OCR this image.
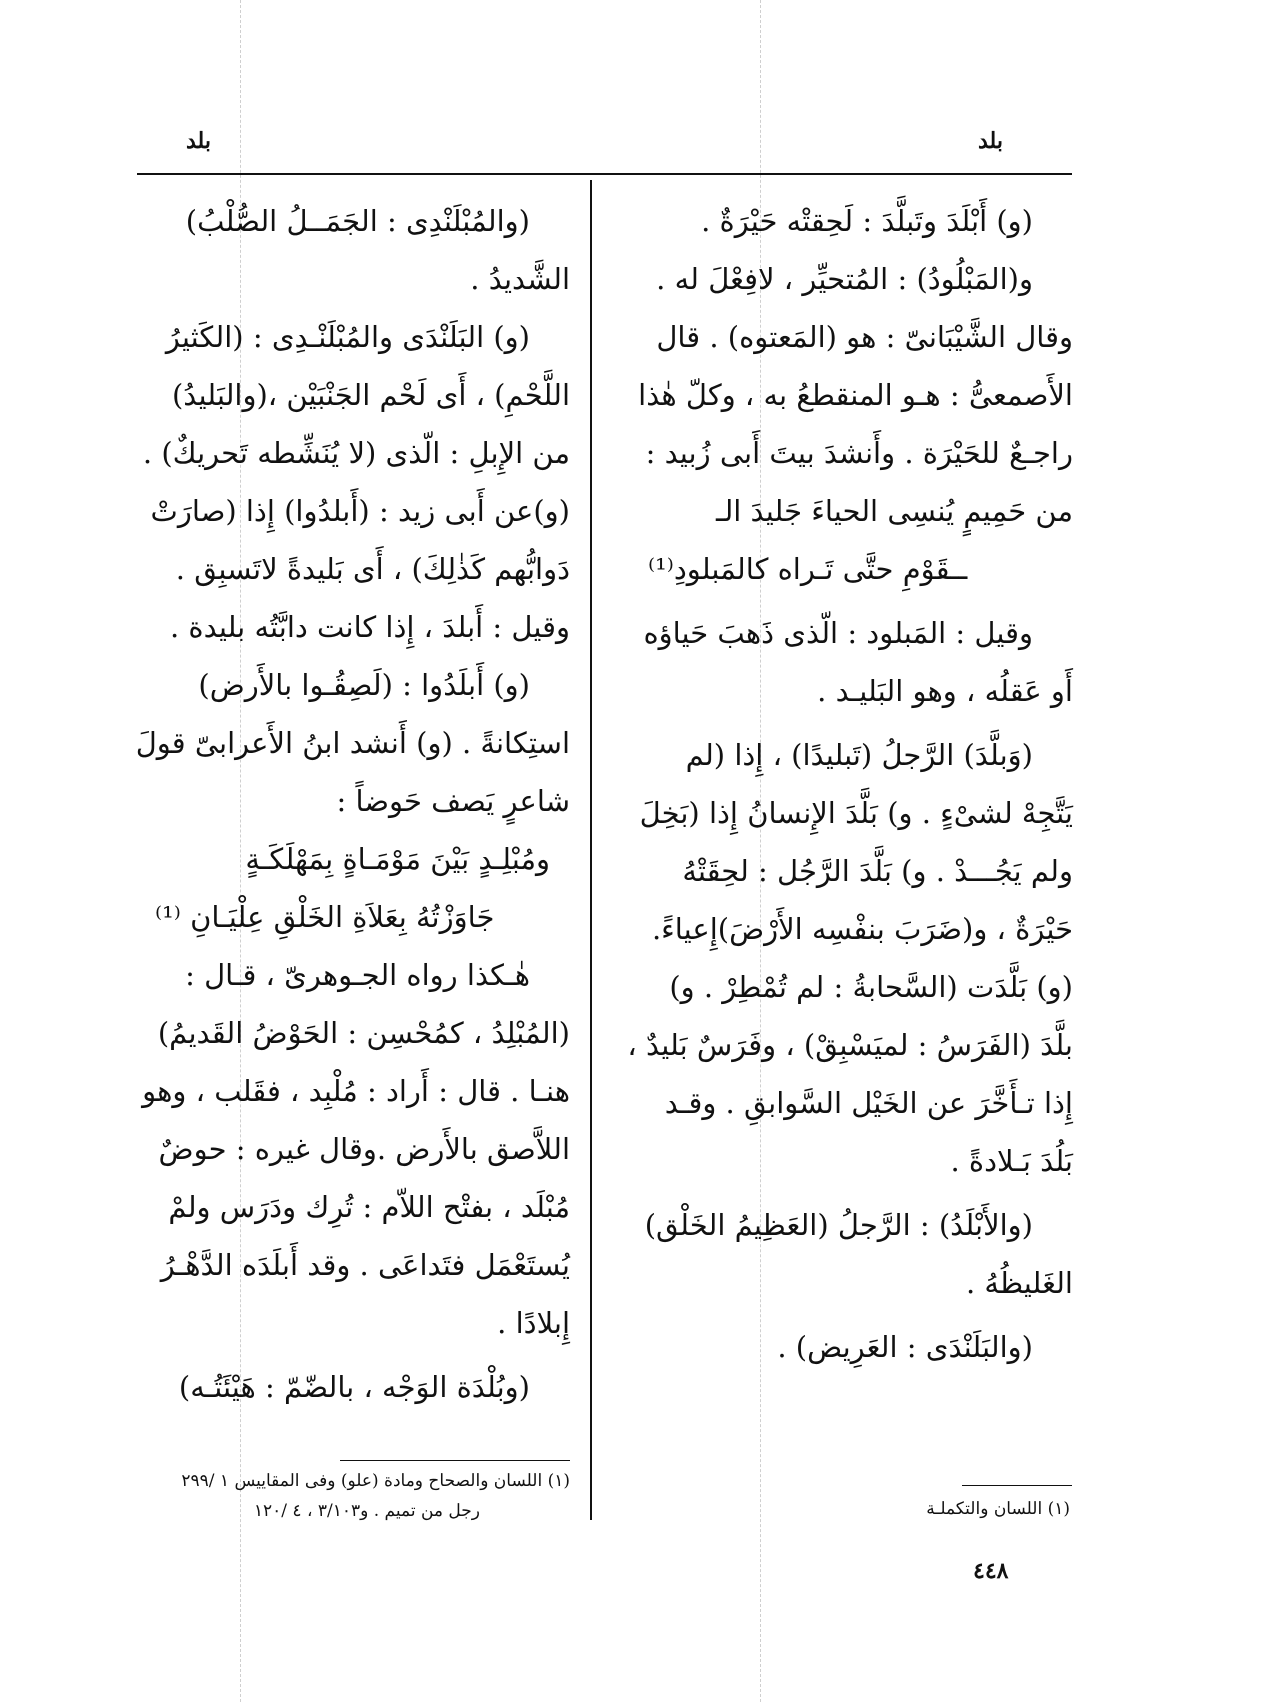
بلد	بلد
(و) أَبْلَدَ وتَبلَّدَ : لَحِقتْه حَيْرَةٌ .
و(المَبْلُودُ) : المُتحيِّر ، لافِعْلَ له .
وقال الشَّيْبَانىّ : هو (المَعتوه) . قال
الأَصمعىُّ : هـو المنقطعُ به ، وكلّ هٰذا
راجـعٌ للحَيْرَة . وأَنشدَ بيتَ أَبى زُبيد :
من حَمِيمٍ يُنسِى الحياءَ جَليدَ الـ
ــقَوْمِ حتَّى تَـراه كالمَبلودِ⁽¹⁾
وقيل : المَبلود : الّذى ذَهبَ حَياؤه
أَو عَقلُه ، وهو البَليـد .
(وَبلَّدَ) الرَّجلُ (تَبليدًا) ، إِذا (لم
يَتَّجِهْ لشىْءٍ . و) بَلَّدَ الإِنسانُ إِذا (بَخِلَ
ولم يَجُـــدْ . و) بَلَّدَ الرَّجُل : لحِقَتْهُ
حَيْرَةٌ ، و(ضَرَبَ بنفْسِه الأَرْضَ)إِعياءً.
(و) بَلَّدَت (السَّحابةُ : لم تُمْطِرْ . و)
بلَّدَ (الفَرَسُ : لميَسْبِقْ) ، وفَرَسٌ بَليدٌ ،
إِذا تـأَخَّرَ عن الخَيْل السَّوابقِ . وقـد
بَلُدَ بَـلادةً .
(والأَبْلَدُ) : الرَّجلُ (العَظِيمُ الخَلْق)
الغَليظُهُ .
(والبَلَنْدَى : العَرِيض) .
(١) اللسان والتكملـة
(والمُبْلَنْدِى : الجَمَــلُ الصُّلْبُ)
الشَّديدُ .
(و) البَلَنْدَى والمُبْلَنْـدِى : (الكَثيرُ
اللَّحْمِ) ، أَى لَحْم الجَنْبَيْن ،(والبَليدُ)
من الإِبلِ : الّذى (لا يُنَشِّطه تَحريكٌ) .
(و)عن أَبى زيد : (أَبلدُوا) إِذا (صارَتْ
دَوابُّهم كَذٰلِكَ) ، أَى بَليدةً لاتَسبِق .
وقيل : أَبلدَ ، إِذا كانت دابَّتُه بليدة .
(و) أَبلَدُوا : (لَصِقُـوا بالأَرض)
استِكانةً . (و) أَنشد ابنُ الأَعرابىّ قولَ
شاعرٍ يَصف حَوضاً :
ومُبْلِـدٍ بَيْنَ مَوْمَـاةٍ بِمَهْلَكَـةٍ
جَاوَزْتُهُ بِعَلاَةِ الخَلْقِ عِلْيَـانِ ⁽¹⁾
هٰـكذا رواه الجـوهرىّ ، قـال :
(المُبْلِدُ ، كمُحْسِن : الحَوْضُ القَديمُ)
هنـا . قال : أَراد : مُلْبِد ، فقَلب ، وهو
اللاَّصق بالأَرض .وقال غيره : حوضٌ
مُبْلَد ، بفتْح اللاّم : تُرِك ودَرَس ولمْ
يُستَعْمَل فتَداعَى . وقد أَبلَدَه الدَّهْـرُ
إِبلادًا .
(وبُلْدَة الوَجْه ، بالضّمّ : هَيْئَتُـه)
(١) اللسان والصحاح ومادة (علو) وفى المقاييس ١ /٢٩٩
رجل من تميم . و٣/١٠٣ ، ٤ /١٢٠
٤٤٨
